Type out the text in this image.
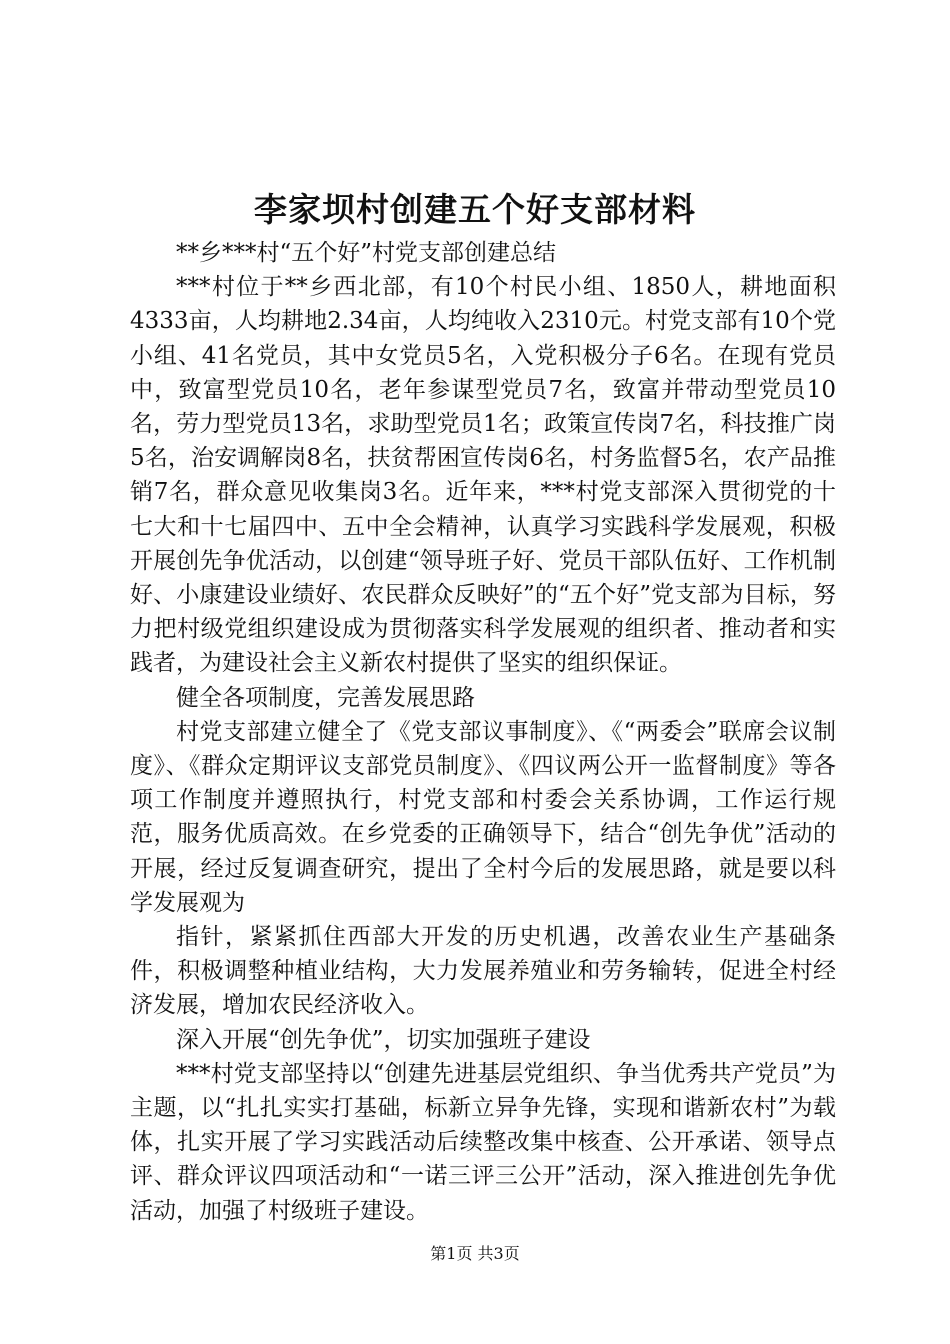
李家坝村创建五个好支部材料

**乡***村“五个好”村党支部创建总结

***村位于**乡西北部，有10个村民小组、1850人，耕地面积4333亩，人均耕地2.34亩，人均纯收入2310元。村党支部有10个党小组、41名党员，其中女党员5名，入党积极分子6名。在现有党员中，致富型党员10名，老年参谋型党员7名，致富并带动型党员10名，劳力型党员13名，求助型党员1名；政策宣传岗7名，科技推广岗5名，治安调解岗8名，扶贫帮困宣传岗6名，村务监督5名，农产品推销7名，群众意见收集岗3名。近年来，***村党支部深入贯彻党的十七大和十七届四中、五中全会精神，认真学习实践科学发展观，积极开展创先争优活动，以创建“领导班子好、党员干部队伍好、工作机制好、小康建设业绩好、农民群众反映好”的“五个好”党支部为目标，努力把村级党组织建设成为贯彻落实科学发展观的组织者、推动者和实践者，为建设社会主义新农村提供了坚实的组织保证。

健全各项制度，完善发展思路

村党支部建立健全了《党支部议事制度》、《“两委会”联席会议制度》、《群众定期评议支部党员制度》、《四议两公开一监督制度》等各项工作制度并遵照执行，村党支部和村委会关系协调，工作运行规范，服务优质高效。在乡党委的正确领导下，结合“创先争优”活动的开展，经过反复调查研究，提出了全村今后的发展思路，就是要以科学发展观为

指针，紧紧抓住西部大开发的历史机遇，改善农业生产基础条件，积极调整种植业结构，大力发展养殖业和劳务输转，促进全村经济发展，增加农民经济收入。

深入开展“创先争优”，切实加强班子建设

***村党支部坚持以“创建先进基层党组织、争当优秀共产党员”为主题，以“扎扎实实打基础，标新立异争先锋，实现和谐新农村”为载体，扎实开展了学习实践活动后续整改集中核查、公开承诺、领导点评、群众评议四项活动和“一诺三评三公开”活动，深入推进创先争优活动，加强了村级班子建设。

第1页 共3页
